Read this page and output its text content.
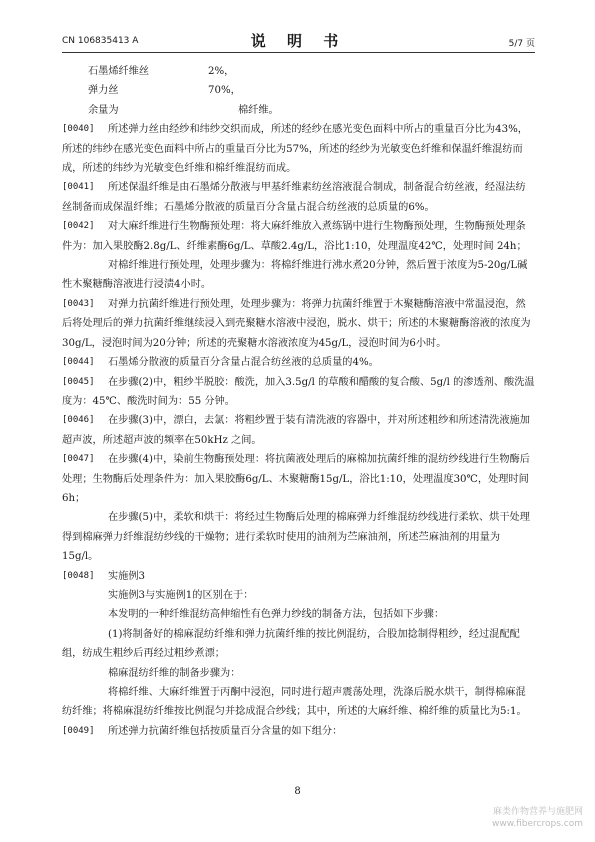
CN 106835413 A	说 明 书	5/7 页
石墨烯纤维丝	2%，
弹力丝	70%，
余量为	棉纤维。
[0040]	所述弹力丝由经纱和纬纱交织而成，所述的经纱在感光变色面料中所占的重量百分比为43%，所述的纬纱在感光变色面料中所占的重量百分比为57%，所述的经纱为光敏变色纤维和保温纤维混纺而成，所述的纬纱为光敏变色纤维和棉纤维混纺而成。
[0041]	所述保温纤维是由石墨烯分散液与甲基纤维素纺丝溶液混合制成，制备混合纺丝液，经湿法纺丝制备而成保温纤维；石墨烯分散液的质量百分含量占混合纺丝液的总质量的6%。
[0042]	对大麻纤维进行生物酶预处理：将大麻纤维放入煮练锅中进行生物酶预处理，生物酶预处理条件为：加入果胶酶2.8g/L、纤维素酶6g/L、草酸2.4g/L，浴比1:10，处理温度42℃，处理时间 24h；
对棉纤维进行预处理，处理步骤为：将棉纤维进行沸水煮20分钟，然后置于浓度为5-20g/L碱性木聚糖酶溶液进行浸渍4小时。
[0043]	对弹力抗菌纤维进行预处理，处理步骤为：将弹力抗菌纤维置于木聚糖酶溶液中常温浸泡，然后将处理后的弹力抗菌纤维继续浸入到壳聚糖水溶液中浸泡，脱水、烘干；所述的木聚糖酶溶液的浓度为30g/L，浸泡时间为20分钟；所述的壳聚糖水溶液浓度为45g/L，浸泡时间为6小时。
[0044]	石墨烯分散液的质量百分含量占混合纺丝液的总质量的4%。
[0045]	在步骤(2)中，粗纱半脱胶：酸洗，加入3.5g/l 的草酸和醋酸的复合酸、5g/l 的渗透剂、酸洗温度为：45℃、酸洗时间为：55 分钟。
[0046]	在步骤(3)中，漂白，去氯：将粗纱置于装有清洗液的容器中，并对所述粗纱和所述清洗液施加超声波，所述超声波的频率在50kHz 之间。
[0047]	在步骤(4)中，染前生物酶预处理：将抗菌液处理后的麻棉加抗菌纤维的混纺纱线进行生物酶后处理；生物酶后处理条件为：加入果胶酶6g/L、木聚糖酶15g/L，浴比1:10，处理温度30℃，处理时间6h；
在步骤(5)中，柔软和烘干：将经过生物酶后处理的棉麻弹力纤维混纺纱线进行柔软、烘干处理得到棉麻弹力纤维混纺纱线的干燥物；进行柔软时使用的油剂为苎麻油剂，所述苎麻油剂的用量为15g/l。
[0048]	实施例3
实施例3与实施例1的区别在于：
本发明的一种纤维混纺高伸缩性有色弹力纱线的制备方法，包括如下步骤：
(1)将制备好的棉麻混纺纤维和弹力抗菌纤维的按比例混纺，合股加捻制得粗纱，经过混配配组，纺成生粗纱后再经过粗纱煮漂；
棉麻混纺纤维的制备步骤为：
将棉纤维、大麻纤维置于丙酮中浸泡，同时进行超声震荡处理，洗涤后脱水烘干，制得棉麻混纺纤维；将棉麻混纺纤维按比例混匀并捻成混合纱线；其中，所述的大麻纤维、棉纤维的质量比为5:1。
[0049]	所述弹力抗菌纤维包括按质量百分含量的如下组分：
8
麻类作物营养与施肥网
www.fibercrops.com
